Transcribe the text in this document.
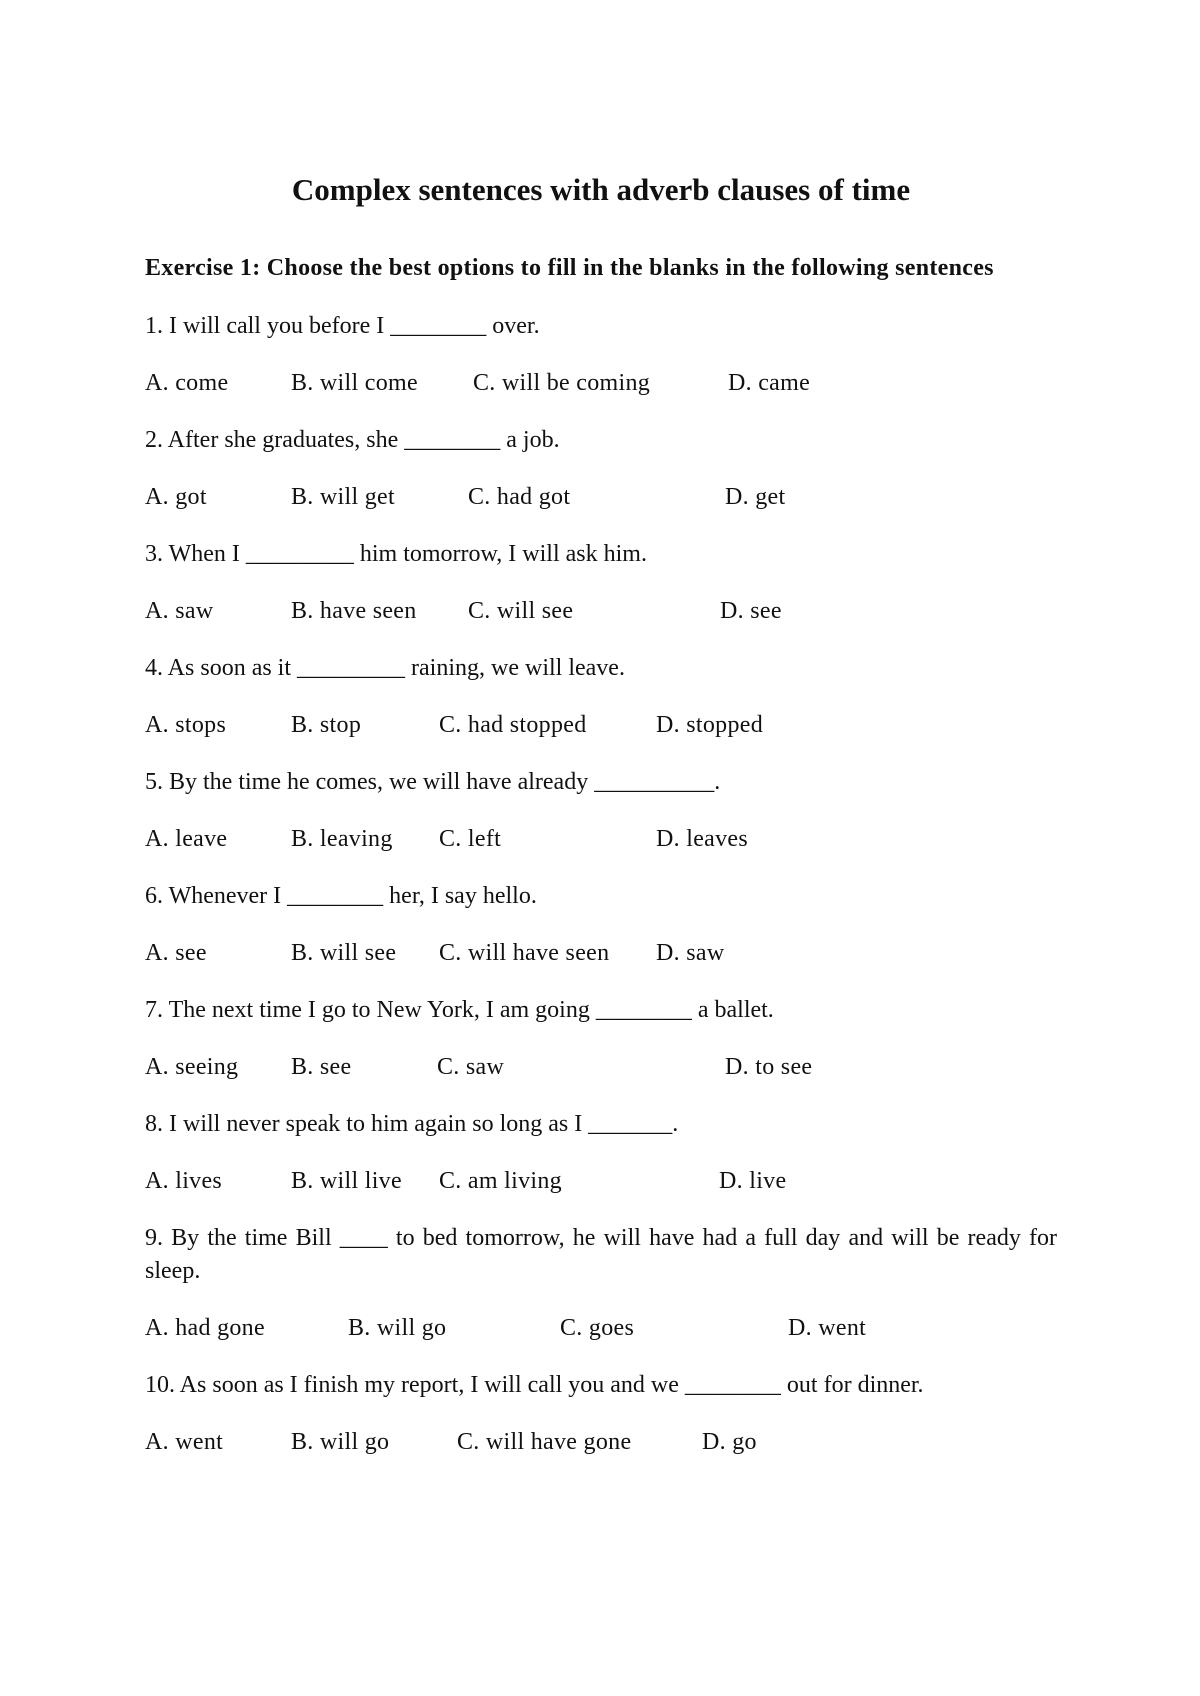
Complex sentences with adverb clauses of time

Exercise 1: Choose the best options to fill in the blanks in the following sentences

1. I will call you before I ________ over.

A. come	B. will come	C. will be coming	D. came

2. After she graduates, she ________ a job.

A. got	B. will get	C. had got	D. get

3. When I _________ him tomorrow, I will ask him.

A. saw	B. have seen	C. will see	D. see

4. As soon as it _________ raining, we will leave.

A. stops	B. stop	C. had stopped	D. stopped

5. By the time he comes, we will have already __________.

A. leave	B. leaving	C. left	D. leaves

6. Whenever I ________ her, I say hello.

A. see	B. will see	C. will have seen	D. saw

7. The next time I go to New York, I am going ________ a ballet.

A. seeing	B. see	C. saw	D. to see

8. I will never speak to him again so long as I _______.

A. lives	B. will live	C. am living	D. live

9. By the time Bill ____ to bed tomorrow, he will have had a full day and will be ready for sleep.

A. had gone	B. will go	C. goes	D. went

10. As soon as I finish my report, I will call you and we ________ out for dinner.

A. went	B. will go	C. will have gone	D. go
